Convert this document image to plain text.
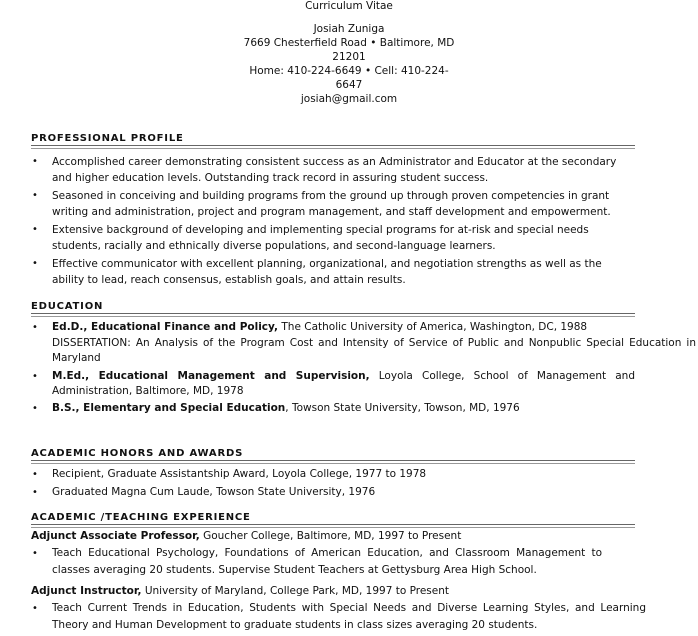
Curriculum Vitae
Josiah Zuniga
7669 Chesterfield Road • Baltimore, MD
21201
Home: 410-224-6649 • Cell: 410-224-
6647
josiah@gmail.com
PROFESSIONAL PROFILE
• Accomplished career demonstrating consistent success as an Administrator and Educator at the secondary and higher education levels. Outstanding track record in assuring student success.
• Seasoned in conceiving and building programs from the ground up through proven competencies in grant writing and administration, project and program management, and staff development and empowerment.
• Extensive background of developing and implementing special programs for at-risk and special needs students, racially and ethnically diverse populations, and second-language learners.
• Effective communicator with excellent planning, organizational, and negotiation strengths as well as the ability to lead, reach consensus, establish goals, and attain results.
EDUCATION
• Ed.D., Educational Finance and Policy, The Catholic University of America, Washington, DC, 1988
DISSERTATION: An Analysis of the Program Cost and Intensity of Service of Public and Nonpublic Special Education in
Maryland
• M.Ed., Educational Management and Supervision, Loyola College, School of Management and Administration, Baltimore, MD, 1978
• B.S., Elementary and Special Education, Towson State University, Towson, MD, 1976
ACADEMIC HONORS AND AWARDS
• Recipient, Graduate Assistantship Award, Loyola College, 1977 to 1978
• Graduated Magna Cum Laude, Towson State University, 1976
ACADEMIC /TEACHING EXPERIENCE
Adjunct Associate Professor, Goucher College, Baltimore, MD, 1997 to Present
• Teach Educational Psychology, Foundations of American Education, and Classroom Management to classes averaging 20 students. Supervise Student Teachers at Gettysburg Area High School.
Adjunct Instructor, University of Maryland, College Park, MD, 1997 to Present
• Teach Current Trends in Education, Students with Special Needs and Diverse Learning Styles, and Learning Theory and Human Development to graduate students in class sizes averaging 20 students.
